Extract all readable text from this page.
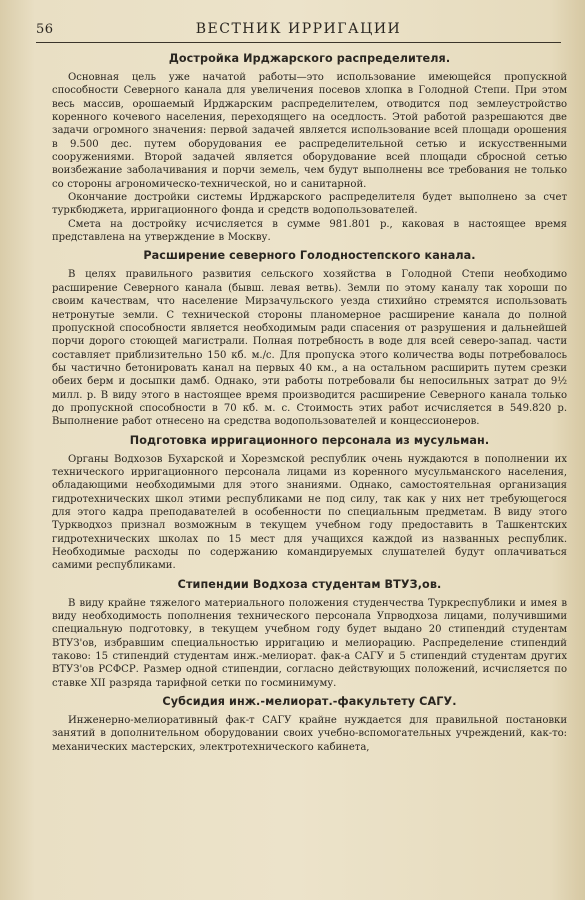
56	ВЕСТНИК ИРРИГАЦИИ
Достройка Ирджарского распределителя.

Основная цель уже начатой работы—это использование имеющейся пропускной способности Северного канала для увеличения посевов хлопка в Голодной Степи. При этом весь массив, орошаемый Ирджарским распределителем, отводится под землеустройство коренного кочевого населения, переходящего на оседлость. Этой работой разрешаются две задачи огромного значения: первой задачей является использование всей площади орошения в 9.500 дес. путем оборудования ее распределительной сетью и искусственными сооружениями. Второй задачей является оборудование всей площади сбросной сетью воизбежание заболачивания и порчи земель, чем будут выполнены все требования не только со стороны агрономическо-технической, но и санитарной.

Окончание достройки системы Ирджарского распределителя будет выполнено за счет туркбюджета, ирригационного фонда и средств водопользователей.

Смета на достройку исчисляется в сумме 981.801 р., каковая в настоящее время представлена на утверждение в Москву.

Расширение северного Голодностепского канала.

В целях правильного развития сельского хозяйства в Голодной Степи необходимо расширение Северного канала (бывш. левая ветвь). Земли по этому каналу так хороши по своим качествам, что население Мирзачульского уезда стихийно стремятся использовать нетронутые земли. С технической стороны планомерное расширение канала до полной пропускной способности является необходимым ради спасения от разрушения и дальнейшей порчи дорого стоющей магистрали. Полная потребность в воде для всей северо-запад. части составляет приблизительно 150 кб. м./с. Для пропуска этого количества воды потребовалось бы частично бетонировать канал на первых 40 км., а на остальном расширить путем срезки обеих берм и досыпки дамб. Однако, эти работы потребовали бы непосильных затрат до 9½ милл. р. В виду этого в настоящее время производится расширение Северного канала только до пропускной способности в 70 кб. м. с. Стоимость этих работ исчисляется в 549.820 р. Выполнение работ отнесено на средства водопользователей и концессионеров.

Подготовка ирригационного персонала из мусульман.

Органы Водхозов Бухарской и Хорезмской республик очень нуждаются в пополнении их технического ирригационного персонала лицами из коренного мусульманского населения, обладающими необходимыми для этого знаниями. Однако, самостоятельная организация гидротехнических школ этими республиками не под силу, так как у них нет требующегося для этого кадра преподавателей в особенности по специальным предметам. В виду этого Туркводхоз признал возможным в текущем учебном году предоставить в Ташкентских гидротехнических школах по 15 мест для учащихся каждой из названных республик. Необходимые расходы по содержанию командируемых слушателей будут оплачиваться самими республиками.

Стипендии Водхоза студентам ВТУЗ,ов.

В виду крайне тяжелого материального положения студенчества Туркреспублики и имея в виду необходимость пополнения технического персонала Упрводхоза лицами, получившими специальную подготовку, в текущем учебном году будет выдано 20 стипендий студентам ВТУЗ'ов, избравшим специальностью ирригацию и мелиорацию. Распределение стипендий таково: 15 стипендий студентам инж.-мелиорат. фак-а САГУ и 5 стипендий студентам других ВТУЗ'ов РСФСР. Размер одной стипендии, согласно действующих положений, исчисляется по ставке XII разряда тарифной сетки по госминимуму.

Субсидия инж.-мелиорат.-факультету САГУ.

Инженерно-мелиоративный фак-т САГУ крайне нуждается для правильной постановки занятий в дополнительном оборудовании своих учебно-вспомогательных учреждений, как-то: механических мастерских, электротехнического кабинета,
